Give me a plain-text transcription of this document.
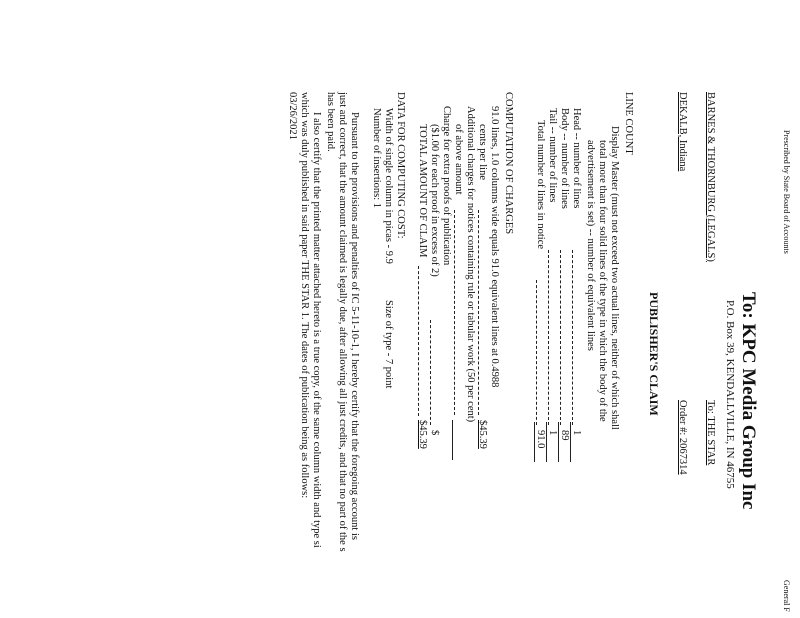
Prescribed by State Board of Accounts
General F
To: KPC Media Group Inc
P.O. Box 39, KENDALLVILLE, IN 46755
BARNES & THORNBURG (LEGALS)
To: THE STAR
DEKALB, Indiana
Order #: 2067314
PUBLISHER'S CLAIM
LINE COUNT
Display Master (must not exceed two actual lines, neither of which shall
total more than four solid lines of the type in which the body of the
advertisement is set) -- number of equivalent lines
Head -- number of lines
1
Body -- number of lines
89
Tail -- number of lines
1
Total number of lines in notice
91.0
COMPUTATION OF CHARGES
91.0 lines, 1.0 columns wide equals 91.0 equivalent lines at 0.4988
cents per line
$45.39
Additional charges for notices containing rule or tabular work (50 per cent)
of above amount
Charge for extra proofs of publication
($1.00 for each proof in excess of 2)
$
TOTAL AMOUNT OF CLAIM
$45.39
DATA FOR COMPUTING COST:
Width of single column in picas - 9.9
Size of type - 7 point
Number of insertions: 1
Pursuant to the provisions and penalties of IC 5-11-10-1, I hereby certify that the foregoing account is
just and correct, that the amount claimed is legally due, after allowing all just credits, and that no part of the s
has been paid.
I also certify that the printed matter attached hereto is a true copy, of the same column width and type si
which was duly published in said paper THE STAR 1. The dates of publication being as follows:
03/26/2021
